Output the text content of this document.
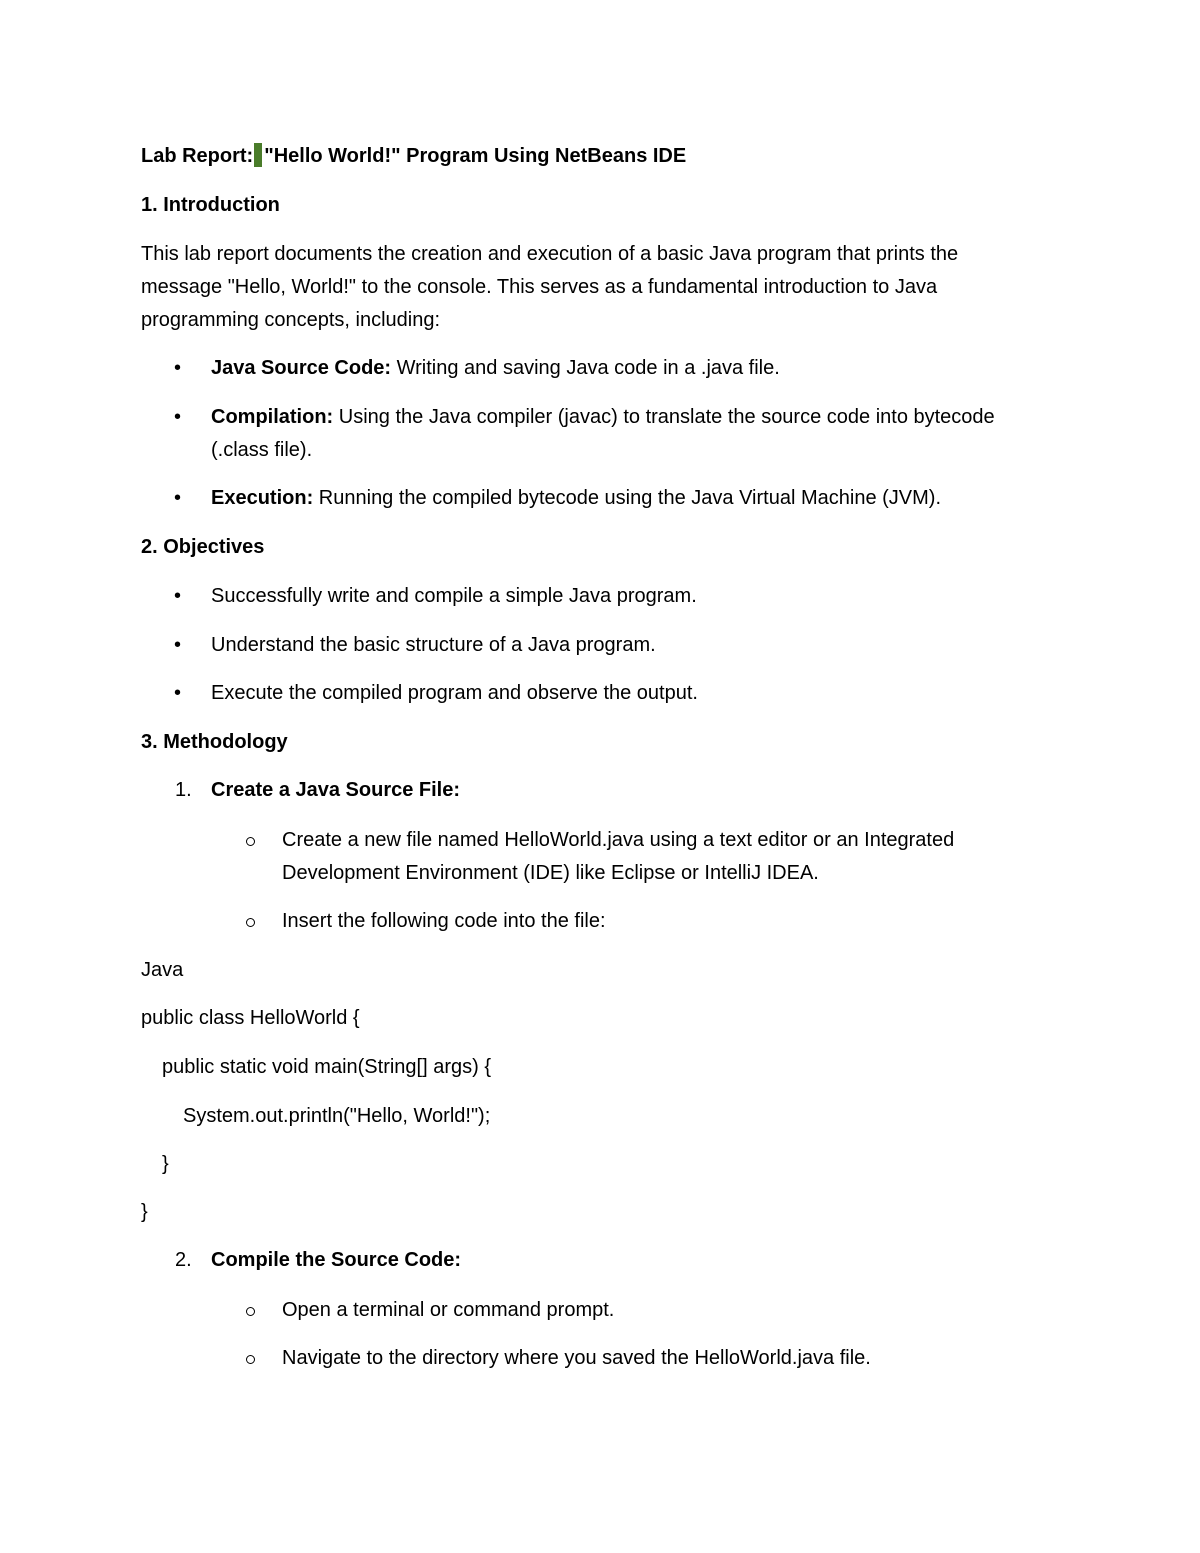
Lab Report: "Hello World!" Program Using NetBeans IDE
1. Introduction
This lab report documents the creation and execution of a basic Java program that prints the
message "Hello, World!" to the console. This serves as a fundamental introduction to Java
programming concepts, including:
• Java Source Code: Writing and saving Java code in a .java file.
• Compilation: Using the Java compiler (javac) to translate the source code into bytecode
(.class file).
• Execution: Running the compiled bytecode using the Java Virtual Machine (JVM).
2. Objectives
• Successfully write and compile a simple Java program.
• Understand the basic structure of a Java program.
• Execute the compiled program and observe the output.
3. Methodology
1. Create a Java Source File:
Create a new file named HelloWorld.java using a text editor or an Integrated
Development Environment (IDE) like Eclipse or IntelliJ IDEA.
Insert the following code into the file:
Java
public class HelloWorld {
public static void main(String[] args) {
System.out.println("Hello, World!");
}
}
2. Compile the Source Code:
Open a terminal or command prompt.
Navigate to the directory where you saved the HelloWorld.java file.
